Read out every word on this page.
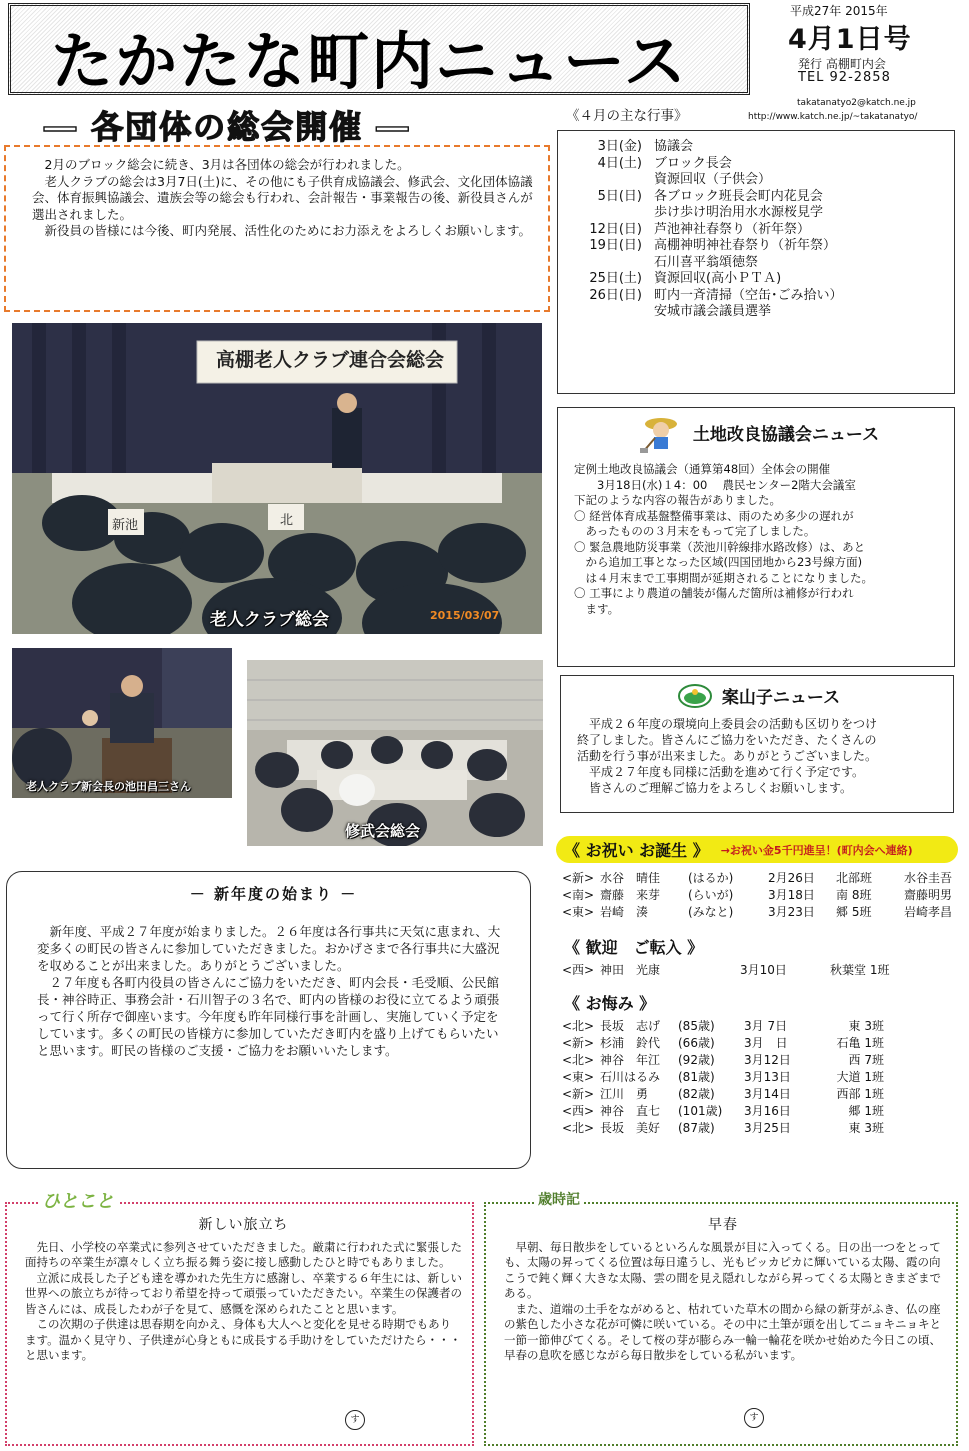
たかたな町内ニュース
平成27年 2015年
4月1日号
発行 高棚町内会
TEL 92-2858
takatanatyo2@katch.ne.jp
http://www.katch.ne.jp/~takatanatyo/
― 各団体の総会開催 ―

2月のブロック総会に続き、3月は各団体の総会が行われました。

老人クラブの総会は3月7日(土)に、その他にも子供育成協議会、修武会、文化団体協議会、体育振興協議会、遺族会等の総会も行われ、会計報告・事業報告の後、新役員さんが選出されました。

新役員の皆様には今後、町内発展、活性化のためにお力添えをよろしくお願いします。

高棚老人クラブ連合会総会
新池	北
老人クラブ総会	2015/03/07
老人クラブ新会長の池田昌三さん
修武会総会
《４月の主な行事》
3日(金) 協議会
4日(土) ブロック長会
資源回収（子供会）
5日(日) 各ブロック班長会町内花見会
歩け歩け明治用水水源桜見学
12日(日) 芦池神社春祭り（祈年祭）
19日(日) 高棚神明神社春祭り（祈年祭）
石川喜平翁頌徳祭
25日(土) 資源回収(高小ＰＴＡ)
26日(日) 町内一斉清掃（空缶･ごみ拾い）
安城市議会議員選挙
土地改良協議会ニュース
定例土地改良協議会（通算第48回）全体会の開催
　　3月18日(水)１4：00　 農民センター2階大会議室
下記のような内容の報告がありました。
〇 経営体育成基盤整備事業は、雨のため多少の遅れが
　あったものの３月末をもって完了しました。
〇 緊急農地防災事業（茨池川幹線排水路改修）は、あと
　から追加工事となった区域(四国団地から23号線方面)
　は４月末まで工事期間が延期されることになりました。
〇 工事により農道の舗装が傷んだ箇所は補修が行われ
　ます。
案山子ニュース
平成２６年度の環境向上委員会の活動も区切りをつけ
終了しました。皆さんにご協力をいただき、たくさんの
活動を行う事が出来ました。ありがとうございました。
平成２７年度も同様に活動を進めて行く予定です。
皆さんのご理解ご協力をよろしくお願いします。
《 お祝い お誕生 》 →お祝い金5千円進呈！(町内会へ連絡)
<新> 水谷　晴佳	(はるか)	2月26日	北部班	水谷圭吾
<南> 齋藤　来芽	(らいが)	3月18日	南 8班	齋藤明男
<東> 岩崎　湊	(みなと)	3月23日	郷 5班	岩崎孝昌
《 歓迎　ご転入 》
<西> 神田　光康	3月10日	秋葉堂 1班
《 お悔み 》
<北> 長坂　志げ	(85歳)	3月 7日	東 3班
<新> 杉浦　鈴代	(66歳)	3月　日	石亀 1班
<北> 神谷　年江	(92歳)	3月12日	西 7班
<東> 石川はるみ	(81歳)	3月13日	大道 1班
<新> 江川　勇	(82歳)	3月14日	西部 1班
<西> 神谷　直七	(101歳)	3月16日	郷 1班
<北> 長坂　美好	(87歳)	3月25日	東 3班
－ 新年度の始まり －

新年度、平成２７年度が始まりました。２６年度は各行事共に天気に恵まれ、大変多くの町民の皆さんに参加していただきました。おかげさまで各行事共に大盛況を収めることが出来ました。ありがとうございました。

２７年度も各町内役員の皆さんにご協力をいただき、町内会長・毛受順、公民館長・神谷時正、事務会計・石川智子の３名で、町内の皆様のお役に立てるよう頑張って行く所存で御座います。今年度も昨年同様行事を計画し、実施していく予定をしています。多くの町民の皆様方に参加していただき町内を盛り上げてもらいたいと思います。町民の皆様のご支援・ご協力をお願いいたします。

新しい旅立ち

先日、小学校の卒業式に参列させていただきました。厳粛に行われた式に緊張した面持ちの卒業生が凛々しく立ち振る舞う姿に接し感動したひと時でもありました。

立派に成長した子ども達を導かれた先生方に感謝し、卒業する６年生には、新しい世界への旅立ちが待っており希望を持って頑張っていただきたい。卒業生の保護者の皆さんには、成長したわが子を見て、感慨を深められたことと思います。

この次期の子供達は思春期を向かえ、身体も大人へと変化を見せる時期でもあります。温かく見守り、子供達が心身ともに成長する手助けをしていただけたら・・・と思います。

す
ひとこと
早春

早朝、毎日散歩をしているといろんな風景が目に入ってくる。日の出一つをとっても、太陽の昇ってくる位置は毎日違うし、光もピッカピカに輝いている太陽、霞の向こうで鈍く輝く大きな太陽、雲の間を見え隠れしながら昇ってくる太陽ときまざまである。

また、道端の土手をながめると、枯れていた草木の間から緑の新芽がふき、仏の座の紫色した小さな花が可憐に咲いている。その中に土筆が頭を出してニョキニョキと一節一節伸びてくる。そして桜の芽が膨らみ一輪一輪花を咲かせ始めた今日この頃、早春の息吹を感じながら毎日散歩をしている私がいます。

す
歳時記
